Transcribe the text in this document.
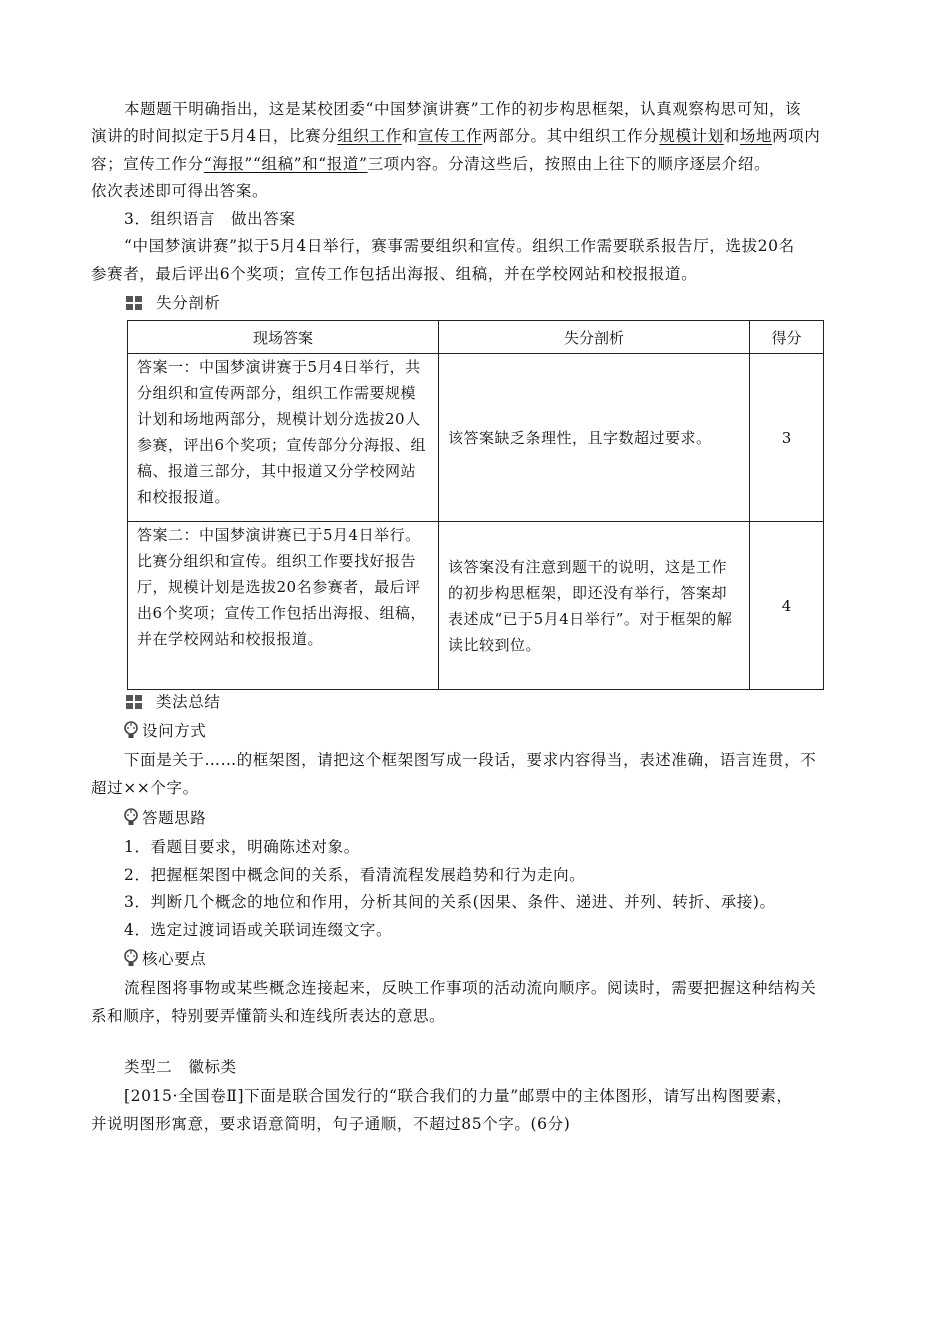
本题题干明确指出，这是某校团委“中国梦演讲赛”工作的初步构思框架，认真观察构思可知，该
演讲的时间拟定于5月4日，比赛分组织工作和宣传工作两部分。其中组织工作分规模计划和场地两项内
容；宣传工作分“海报”“组稿”和“报道”三项内容。分清这些后，按照由上往下的顺序逐层介绍。
依次表述即可得出答案。
3．组织语言　做出答案
“中国梦演讲赛”拟于5月4日举行，赛事需要组织和宣传。组织工作需要联系报告厅，选拔20名
参赛者，最后评出6个奖项；宣传工作包括出海报、组稿，并在学校网站和校报报道。
失分剖析
现场答案	失分剖析	得分

答案一：中国梦演讲赛于5月4日举行，共分组织和宣传两部分，组织工作需要规模计划和场地两部分，规模计划分选拔20人参赛，评出6个奖项；宣传部分分海报、组稿、报道三部分，其中报道又分学校网站和校报报道。	该答案缺乏条理性，且字数超过要求。	3

答案二：中国梦演讲赛已于5月4日举行。比赛分组织和宣传。组织工作要找好报告厅，规模计划是选拔20名参赛者，最后评出6个奖项；宣传工作包括出海报、组稿，并在学校网站和校报报道。	该答案没有注意到题干的说明，这是工作的初步构思框架，即还没有举行，答案却表述成“已于5月4日举行”。对于框架的解读比较到位。	4
类法总结
设问方式
下面是关于……的框架图，请把这个框架图写成一段话，要求内容得当，表述准确，语言连贯，不
超过××个字。
答题思路
1．看题目要求，明确陈述对象。
2．把握框架图中概念间的关系，看清流程发展趋势和行为走向。
3．判断几个概念的地位和作用，分析其间的关系(因果、条件、递进、并列、转折、承接)。
4．选定过渡词语或关联词连缀文字。
核心要点
流程图将事物或某些概念连接起来，反映工作事项的活动流向顺序。阅读时，需要把握这种结构关
系和顺序，特别要弄懂箭头和连线所表达的意思。
类型二　徽标类
[2015·全国卷Ⅱ]下面是联合国发行的“联合我们的力量”邮票中的主体图形，请写出构图要素，
并说明图形寓意，要求语意简明，句子通顺，不超过85个字。(6分)
